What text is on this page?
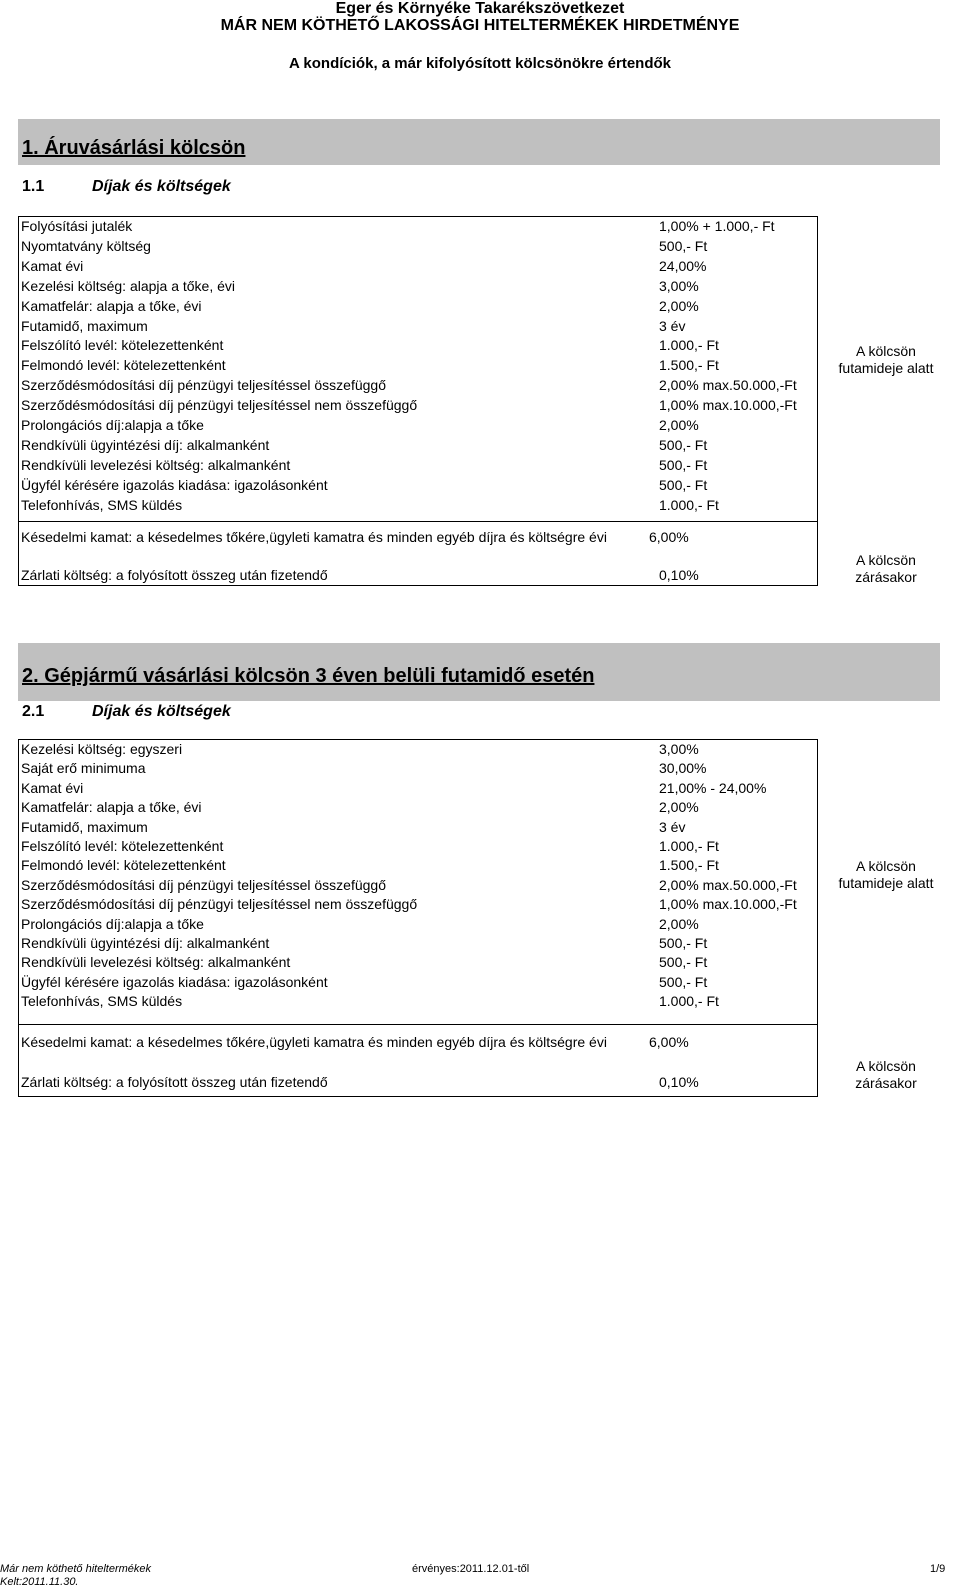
Eger és Környéke Takarékszövetkezet
MÁR NEM KÖTHETŐ LAKOSSÁGI HITELTERMÉKEK HIRDETMÉNYE
A kondíciók, a már kifolyósított kölcsönökre értendők
1. Áruvásárlási kölcsön
1.1	Díjak és költségek
A kölcsön futamideje alatt
Késedelmi kamat: a késedelmes tőkére,ügyleti kamatra és minden egyéb díjra és költségre évi	6,00%
Zárlati költség: a folyósított összeg után fizetendő	0,10%
A kölcsön zárásakor
Folyósítási jutalék	1,00% + 1.000,- Ft
Nyomtatvány költség	500,- Ft
Kamat évi	24,00%
Kezelési költség: alapja a tőke, évi	3,00%
Kamatfelár: alapja a tőke, évi	2,00%
Futamidő, maximum	3 év
Felszólító levél: kötelezettenként	1.000,- Ft
Felmondó levél: kötelezettenként	1.500,- Ft
Szerződésmódosítási díj pénzügyi teljesítéssel összefüggő	2,00% max.50.000,-Ft
Szerződésmódosítási díj pénzügyi teljesítéssel nem összefüggő	1,00% max.10.000,-Ft
Prolongációs díj:alapja a tőke	2,00%
Rendkívüli ügyintézési díj: alkalmanként	500,- Ft
Rendkívüli levelezési költség: alkalmanként	500,- Ft
Ügyfél kérésére igazolás kiadása: igazolásonként	500,- Ft
Telefonhívás, SMS küldés	1.000,- Ft
2. Gépjármű vásárlási kölcsön 3 éven belüli futamidő esetén
2.1	Díjak és költségek
A kölcsön futamideje alatt
Késedelmi kamat: a késedelmes tőkére,ügyleti kamatra és minden egyéb díjra és költségre évi	6,00%
Zárlati költség: a folyósított összeg után fizetendő	0,10%
A kölcsön zárásakor
Kezelési költség: egyszeri	3,00%
Saját erő minimuma	30,00%
Kamat évi	21,00% - 24,00%
Kamatfelár: alapja a tőke, évi	2,00%
Futamidő, maximum	3 év
Felszólító levél: kötelezettenként	1.000,- Ft
Felmondó levél: kötelezettenként	1.500,- Ft
Szerződésmódosítási díj pénzügyi teljesítéssel összefüggő	2,00% max.50.000,-Ft
Szerződésmódosítási díj pénzügyi teljesítéssel nem összefüggő	1,00% max.10.000,-Ft
Prolongációs díj:alapja a tőke	2,00%
Rendkívüli ügyintézési díj: alkalmanként	500,- Ft
Rendkívüli levelezési költség: alkalmanként	500,- Ft
Ügyfél kérésére igazolás kiadása: igazolásonként	500,- Ft
Telefonhívás, SMS küldés	1.000,- Ft
Már nem köthető hiteltermékek
Kelt:2011.11.30.
érvényes:2011.12.01-től	1/9
